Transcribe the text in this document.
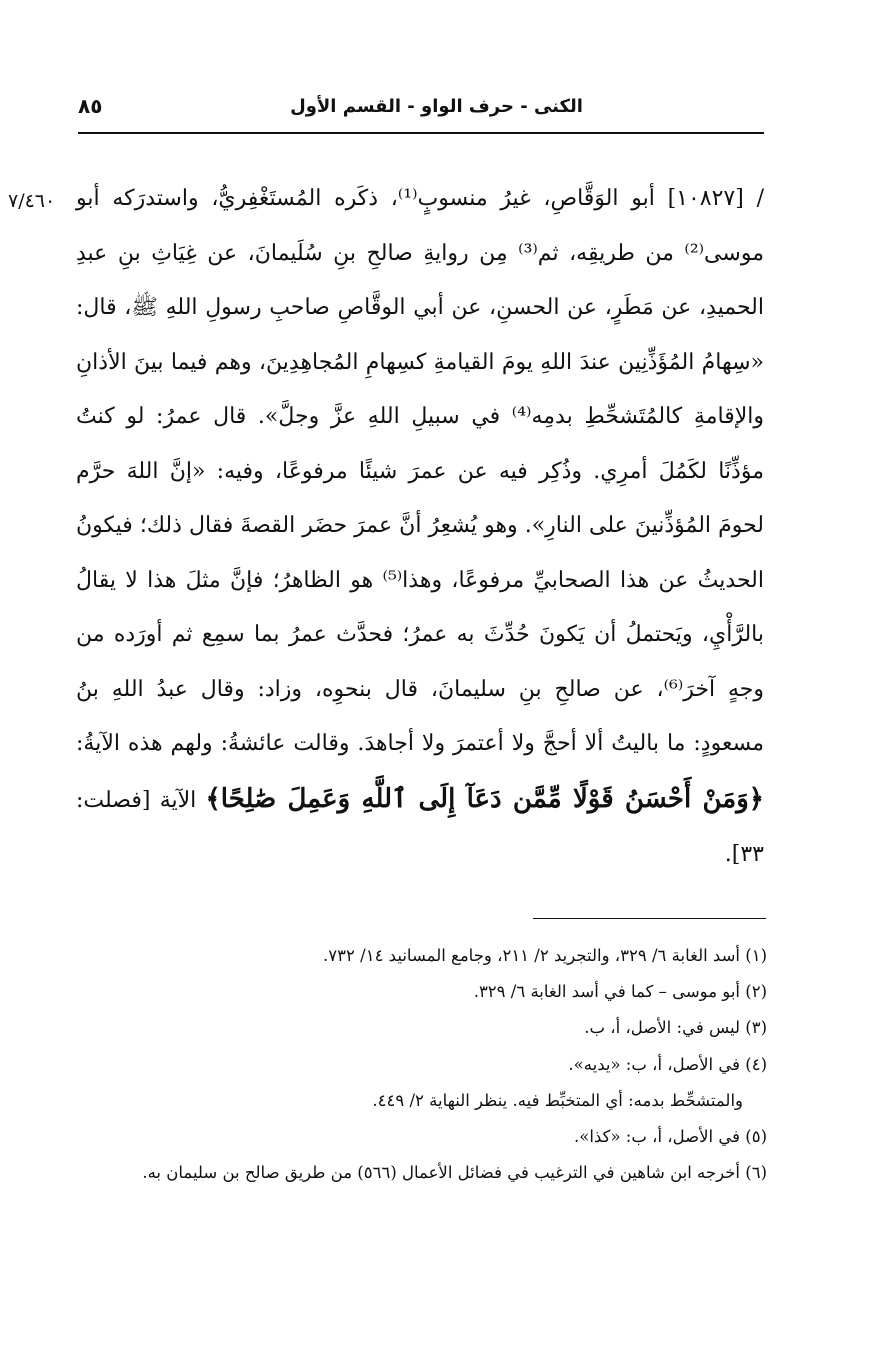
الكنى - حرف الواو - القسم الأول
٨٥
٧/٤٦٠ / [١٠٨٢٧] أبو الوَقَّاصِ، غيرُ منسوبٍ⁽¹⁾، ذكَره المُستَغْفِريُّ، واستدرَكه أبو موسى⁽²⁾ من طريقِه، ثم⁽³⁾ مِن روايةِ صالحِ بنِ سُلَيمانَ، عن غِيَاثِ بنِ عبدِ الحميدِ، عن مَطَرٍ، عن الحسنِ، عن أبي الوقَّاصِ صاحبِ رسولِ اللهِ ﷺ، قال: «سِهامُ المُؤَذِّنِين عندَ اللهِ يومَ القيامةِ كسِهامِ المُجاهِدِينَ، وهم فيما بينَ الأذانِ والإقامةِ كالمُتَشحِّطِ بدمِه⁽⁴⁾ في سبيلِ اللهِ عزَّ وجلَّ». قال عمرُ: لو كنتُ مؤذِّنًا لكَمُلَ أمرِي. وذُكِر فيه عن عمرَ شيئًا مرفوعًا، وفيه: «إنَّ اللهَ حرَّم لحومَ المُؤذِّنينَ على النارِ». وهو يُشعِرُ أنَّ عمرَ حضَر القصةَ فقال ذلك؛ فيكونُ الحديثُ عن هذا الصحابيِّ مرفوعًا، وهذا⁽⁵⁾ هو الظاهرُ؛ فإنَّ مثلَ هذا لا يقالُ بالرَّأْيِ، ويَحتملُ أن يَكونَ حُدِّثَ به عمرُ؛ فحدَّث عمرُ بما سمِع ثم أورَده من وجهٍ آخرَ⁽⁶⁾، عن صالحِ بنِ سليمانَ، قال بنحوِه، وزاد: وقال عبدُ اللهِ بنُ مسعودٍ: ما باليتُ ألا أحجَّ ولا أعتمرَ ولا أجاهدَ. وقالت عائشةُ: ولهم هذه الآيةُ: ﴿وَمَنْ أَحْسَنُ قَوْلًا مِّمَّن دَعَآ إِلَى ٱللَّهِ وَعَمِلَ صَٰلِحًا﴾ الآية [فصلت: ٣٣].

(١) أسد الغابة ٦/ ٣٢٩، والتجريد ٢/ ٢١١، وجامع المسانيد ١٤/ ٧٣٢.
(٢) أبو موسى – كما في أسد الغابة ٦/ ٣٢٩.
(٣) ليس في: الأصل، أ، ب.
(٤) في الأصل، أ، ب: «يديه».
والمتشحِّط بدمه: أي المتخبِّط فيه. ينظر النهاية ٢/ ٤٤٩.
(٥) في الأصل، أ، ب: «كذا».
(٦) أخرجه ابن شاهين في الترغيب في فضائل الأعمال (٥٦٦) من طريق صالح بن سليمان به.
